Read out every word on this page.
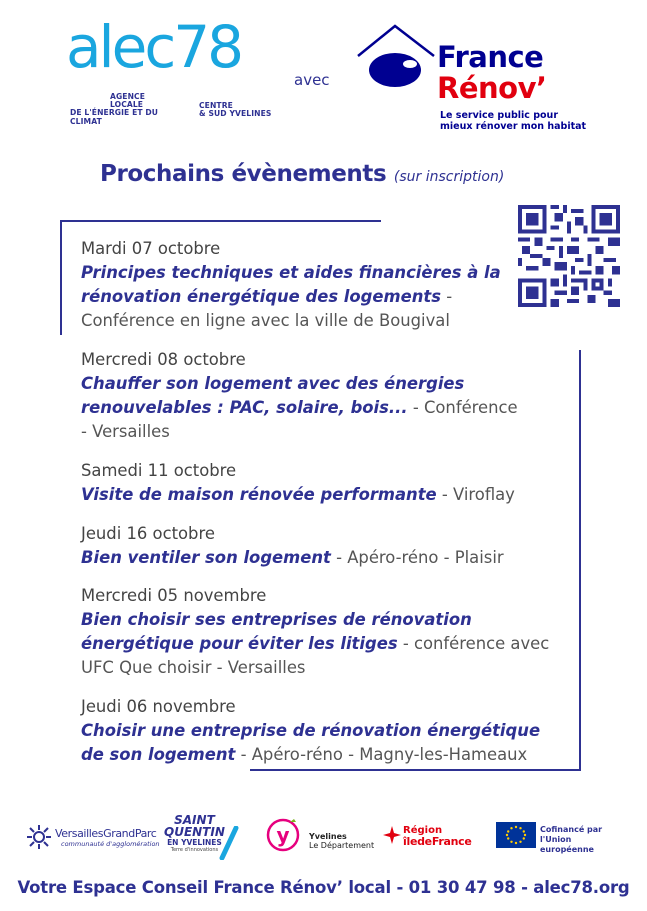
alec78
AGENCE LOCALE
DE L'ÉNERGIE ET DU CLIMAT
CENTRE
& SUD YVELINES
avec
France
Rénov’
Le service public pour mieux rénover mon habitat
Prochains évènements (sur inscription)
Mardi 07 octobre
Principes techniques et aides financières à la rénovation énergétique des logements - Conférence en ligne avec la ville de Bougival
Mercredi 08 octobre
Chauffer son logement avec des énergies renouvelables : PAC, solaire, bois... - Conférence - Versailles
Samedi 11 octobre
Visite de maison rénovée performante - Viroflay
Jeudi 16 octobre
Bien ventiler son logement - Apéro-réno - Plaisir
Mercredi 05 novembre
Bien choisir ses entreprises de rénovation énergétique pour éviter les litiges - conférence avec UFC Que choisir - Versailles
Jeudi 06 novembre
Choisir une entreprise de rénovation énergétique de son logement - Apéro-réno - Magny-les-Hameaux
VersaillesGrandParc
communauté d'agglomération
SAINT
QUENTIN
EN YVELINES
Terre d'innovations
y Yvelines
Le Département
Région
îledeFrance
Cofinancé par l'Union européenne
Votre Espace Conseil France Rénov’ local - 01 30 47 98 - alec78.org
